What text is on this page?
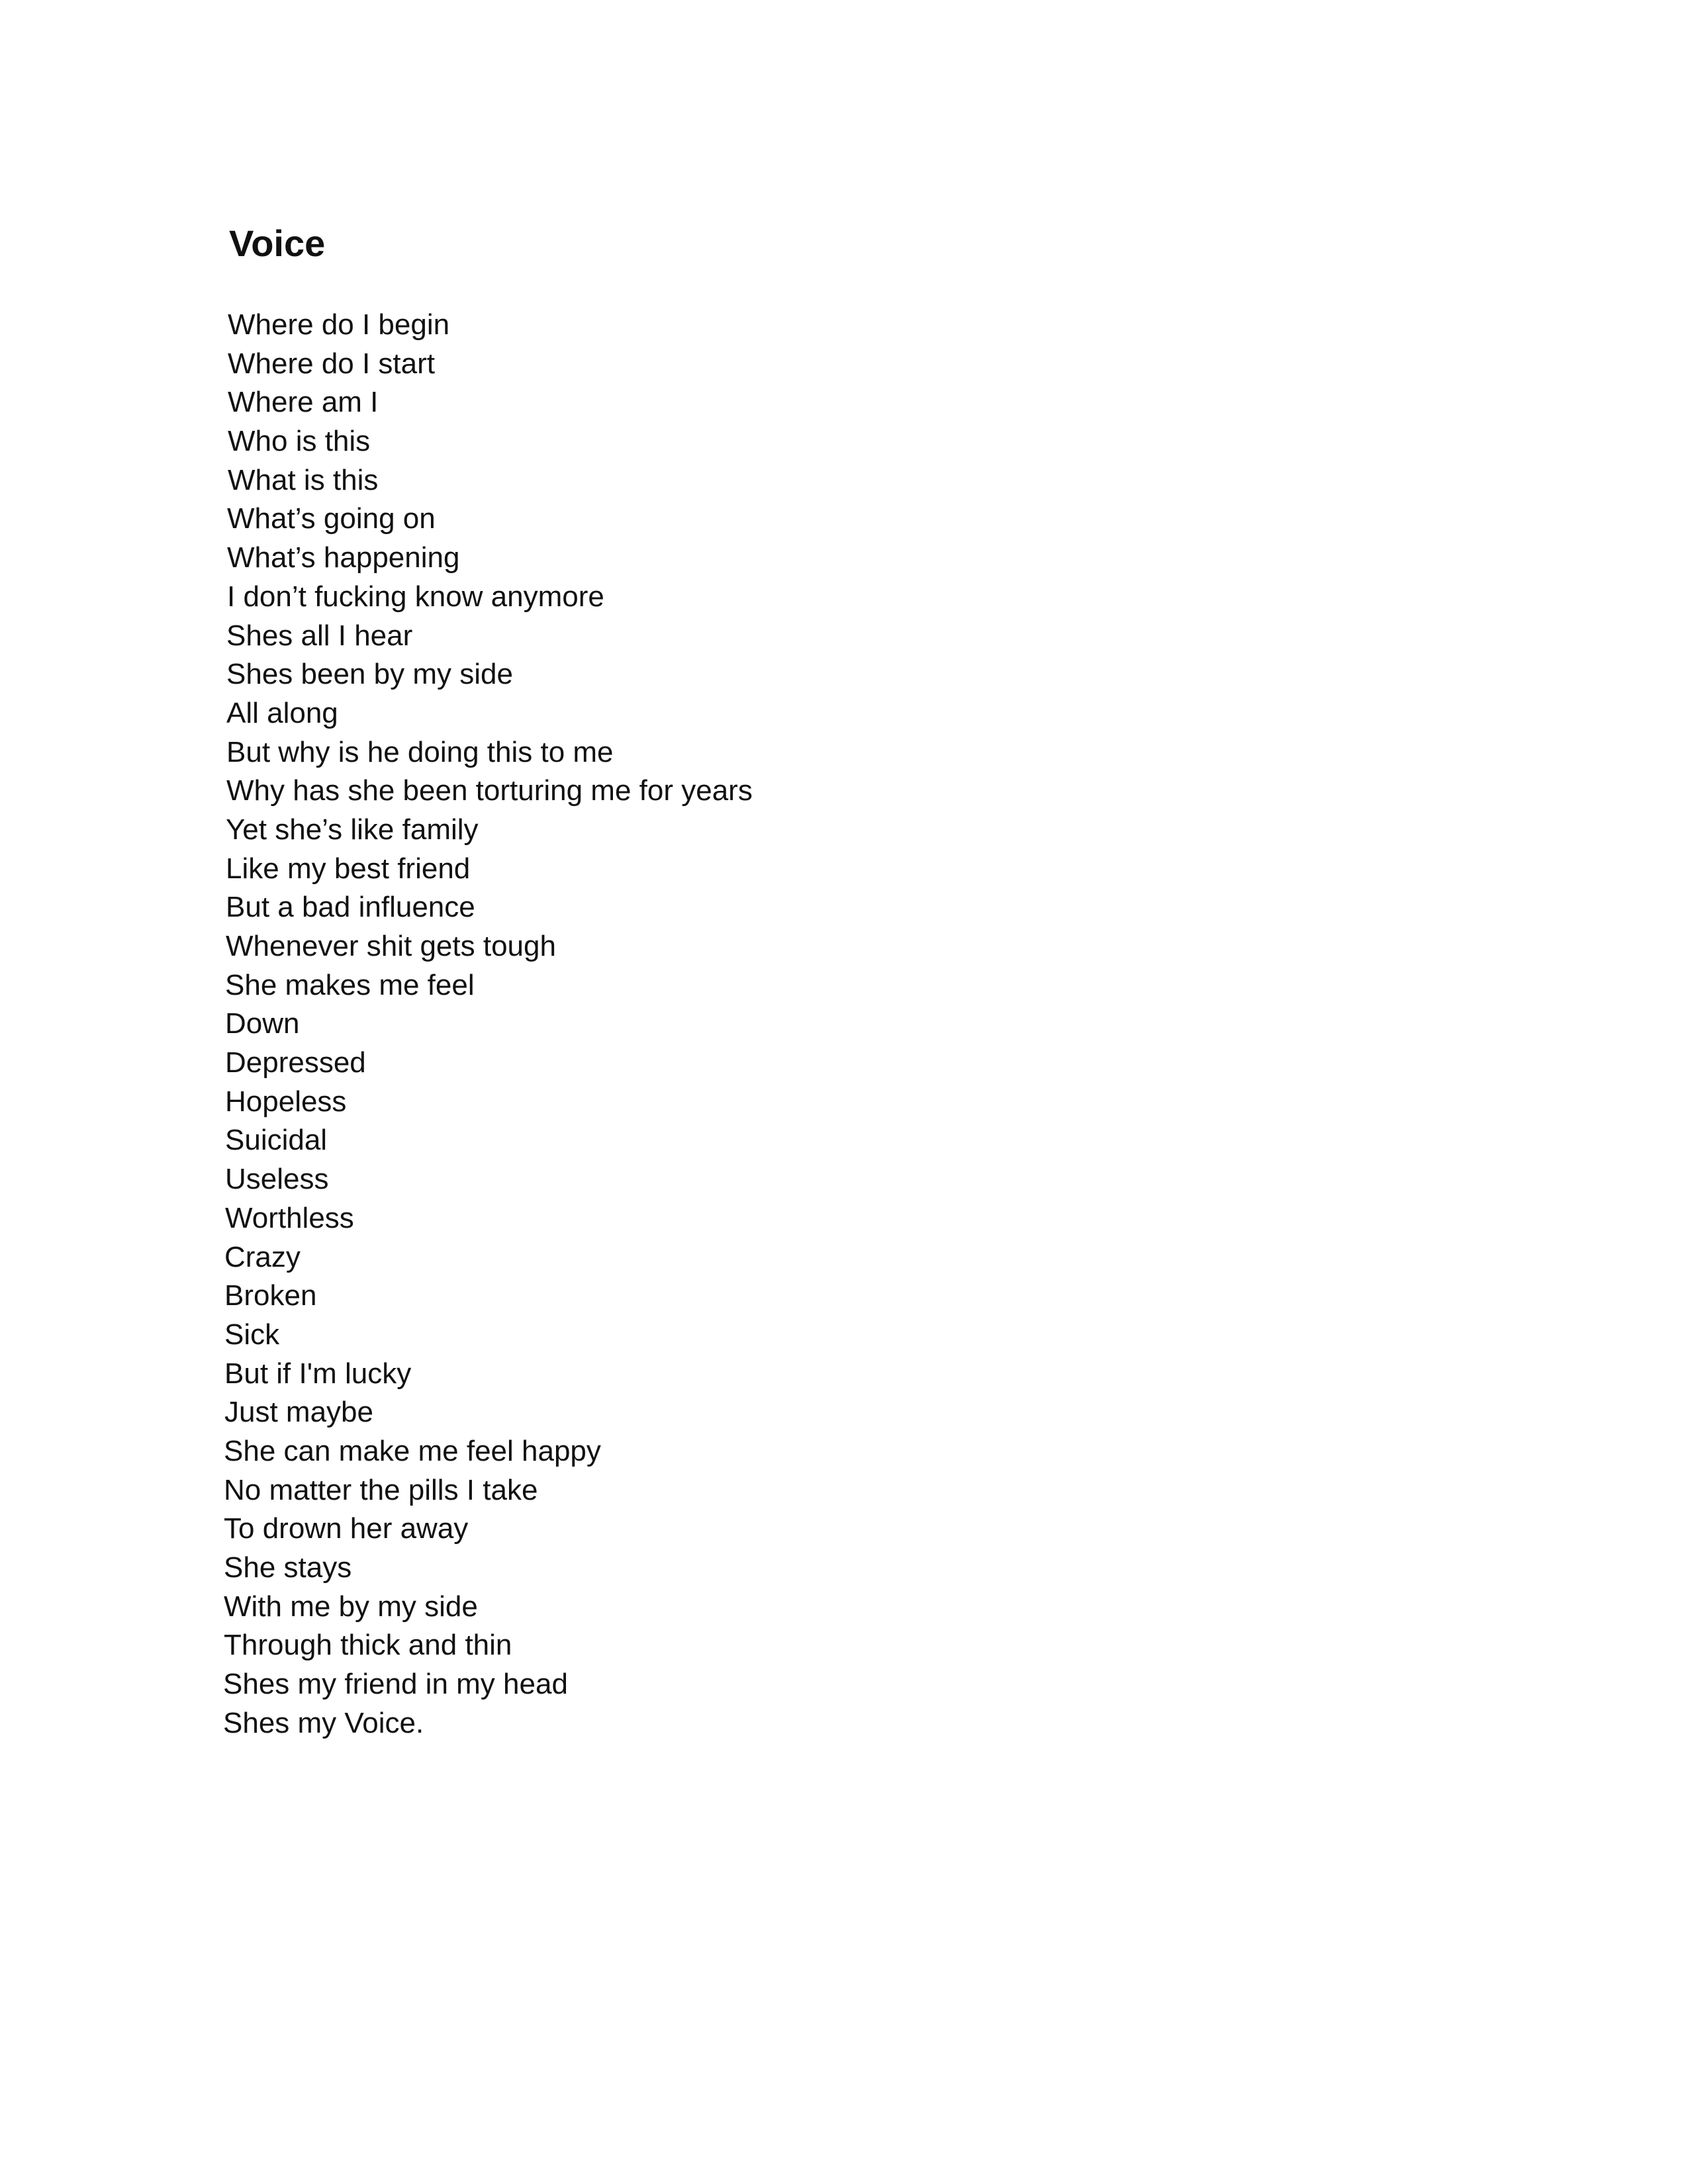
Voice
Where do I begin
Where do I start
Where am I
Who is this
What is this
What’s going on
What’s happening
I don’t fucking know anymore
Shes all I hear
Shes been by my side
All along
But why is he doing this to me
Why has she been torturing me for years
Yet she’s like family
Like my best friend
But a bad influence
Whenever shit gets tough
She makes me feel
Down
Depressed
Hopeless
Suicidal
Useless
Worthless
Crazy
Broken
Sick
But if I'm lucky
Just maybe
She can make me feel happy
No matter the pills I take
To drown her away
She stays
With me by my side
Through thick and thin
Shes my friend in my head
Shes my Voice.
